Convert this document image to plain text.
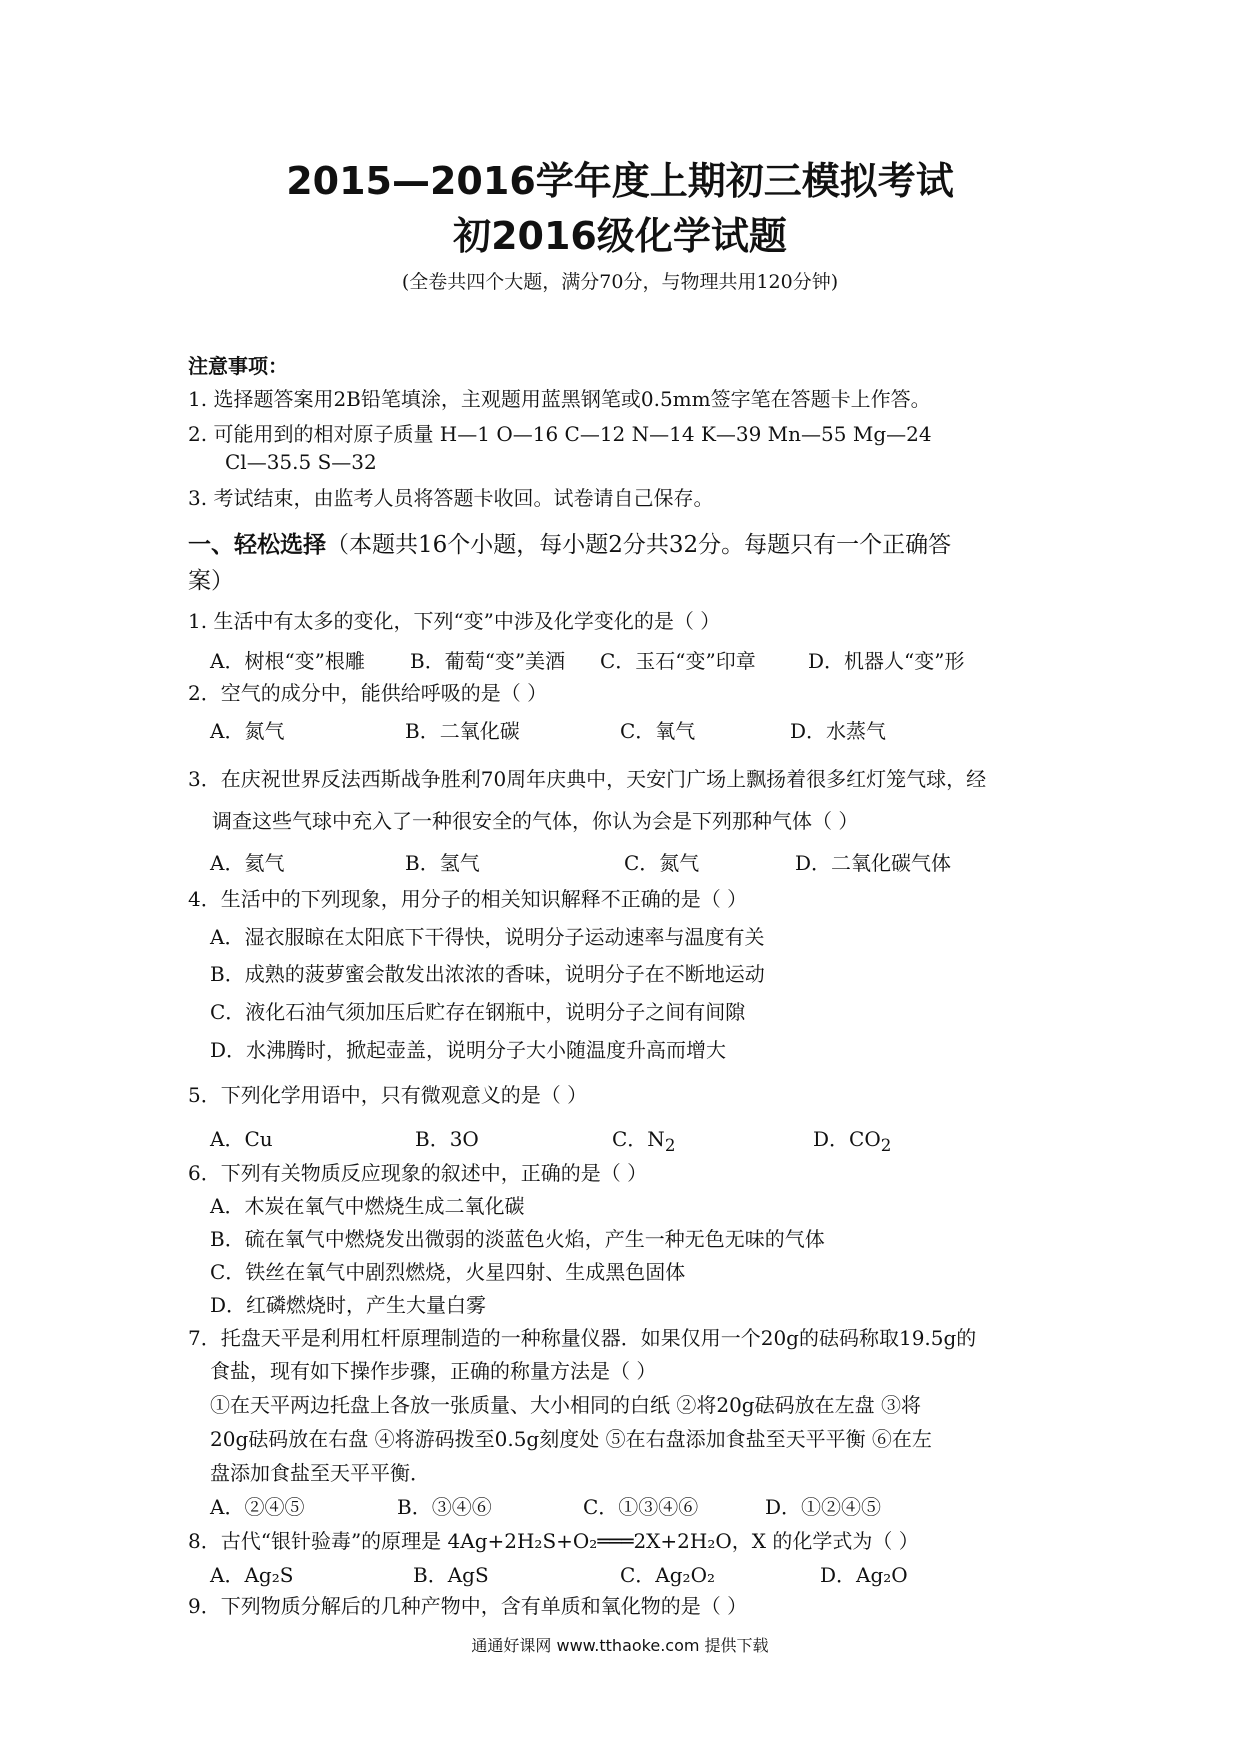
2015—2016学年度上期初三模拟考试
初2016级化学试题
(全卷共四个大题，满分70分，与物理共用120分钟)
注意事项：
1. 选择题答案用2B铅笔填涂，主观题用蓝黑钢笔或0.5mm签字笔在答题卡上作答。
2. 可能用到的相对原子质量 H—1 O—16 C—12 N—14 K—39 Mn—55 Mg—24
Cl—35.5 S—32
3. 考试结束，由监考人员将答题卡收回。试卷请自己保存。
一、轻松选择（本题共16个小题，每小题2分共32分。每题只有一个正确答
案）
1. 生活中有太多的变化，下列“变”中涉及化学变化的是（ ）
A．树根“变”根雕 B．葡萄“变”美酒 C．玉石“变”印章	D．机器人“变”形
2．空气的成分中，能供给呼吸的是（ ）
A．氮气	B．二氧化碳	C．氧气	D．水蒸气
3．在庆祝世界反法西斯战争胜利70周年庆典中，天安门广场上飘扬着很多红灯笼气球，经
调查这些气球中充入了一种很安全的气体，你认为会是下列那种气体（ ）
A．氦气	B．氢气	C．氮气	D．二氧化碳气体
4．生活中的下列现象，用分子的相关知识解释不正确的是（ ）
A．湿衣服晾在太阳底下干得快，说明分子运动速率与温度有关
B．成熟的菠萝蜜会散发出浓浓的香味，说明分子在不断地运动
C．液化石油气须加压后贮存在钢瓶中，说明分子之间有间隙
D．水沸腾时，掀起壶盖，说明分子大小随温度升高而增大
5．下列化学用语中，只有微观意义的是（ ）
A．Cu	B．3O	C．$N_2$	D．$CO_2$
6．下列有关物质反应现象的叙述中，正确的是（ ）
A．木炭在氧气中燃烧生成二氧化碳
B．硫在氧气中燃烧发出微弱的淡蓝色火焰，产生一种无色无味的气体
C．铁丝在氧气中剧烈燃烧，火星四射、生成黑色固体
D．红磷燃烧时，产生大量白雾
7．托盘天平是利用杠杆原理制造的一种称量仪器．如果仅用一个20g的砝码称取19.5g的
食盐，现有如下操作步骤，正确的称量方法是（ ）
①在天平两边托盘上各放一张质量、大小相同的白纸 ②将20g砝码放在左盘 ③将
20g砝码放在右盘 ④将游码拨至0.5g刻度处 ⑤在右盘添加食盐至天平平衡 ⑥在左
盘添加食盐至天平平衡．
A．②④⑤	B．③④⑥	C．①③④⑥	D．①②④⑤
8．古代“银针验毒”的原理是 4Ag+2H₂S+O₂═══2X+2H₂O，X 的化学式为（ ）
A．Ag₂S	B．AgS	C．Ag₂O₂	D．Ag₂O
9．下列物质分解后的几种产物中，含有单质和氧化物的是（ ）
通通好课网 www.tthaoke.com 提供下载
